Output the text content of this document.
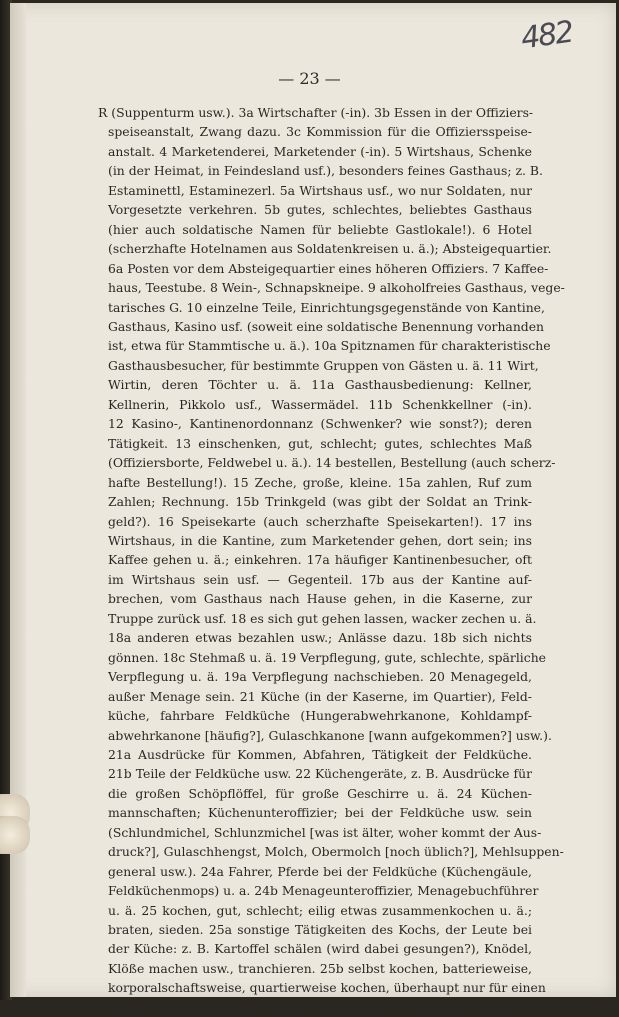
482
— 23 —
R (Suppenturm usw.). 3a Wirtschafter (-in). 3b Essen in der Offiziers-
speiseanstalt, Zwang dazu. 3c Kommission für die Offiziersspeise-
anstalt. 4 Marketenderei, Marketender (-in). 5 Wirtshaus, Schenke
(in der Heimat, in Feindesland usf.), besonders feines Gasthaus; z. B.
Estaminettl, Estaminezerl. 5a Wirtshaus usf., wo nur Soldaten, nur
Vorgesetzte verkehren. 5b gutes, schlechtes, beliebtes Gasthaus
(hier auch soldatische Namen für beliebte Gastlokale!). 6 Hotel
(scherzhafte Hotelnamen aus Soldatenkreisen u. ä.); Absteigequartier.
6a Posten vor dem Absteigequartier eines höheren Offiziers. 7 Kaffee-
haus, Teestube. 8 Wein-, Schnapskneipe. 9 alkoholfreies Gasthaus, vege-
tarisches G. 10 einzelne Teile, Einrichtungsgegenstände von Kantine,
Gasthaus, Kasino usf. (soweit eine soldatische Benennung vorhanden
ist, etwa für Stammtische u. ä.). 10a Spitznamen für charakteristische
Gasthausbesucher, für bestimmte Gruppen von Gästen u. ä. 11 Wirt,
Wirtin, deren Töchter u. ä. 11a Gasthausbedienung: Kellner,
Kellnerin, Pikkolo usf., Wassermädel. 11b Schenkkellner (-in).
12 Kasino-, Kantinenordonnanz (Schwenker? wie sonst?); deren
Tätigkeit. 13 einschenken, gut, schlecht; gutes, schlechtes Maß
(Offiziersborte, Feldwebel u. ä.). 14 bestellen, Bestellung (auch scherz-
hafte Bestellung!). 15 Zeche, große, kleine. 15a zahlen, Ruf zum
Zahlen; Rechnung. 15b Trinkgeld (was gibt der Soldat an Trink-
geld?). 16 Speisekarte (auch scherzhafte Speisekarten!). 17 ins
Wirtshaus, in die Kantine, zum Marketender gehen, dort sein; ins
Kaffee gehen u. ä.; einkehren. 17a häufiger Kantinenbesucher, oft
im Wirtshaus sein usf. — Gegenteil. 17b aus der Kantine auf-
brechen, vom Gasthaus nach Hause gehen, in die Kaserne, zur
Truppe zurück usf. 18 es sich gut gehen lassen, wacker zechen u. ä.
18a anderen etwas bezahlen usw.; Anlässe dazu. 18b sich nichts
gönnen. 18c Stehmaß u. ä. 19 Verpflegung, gute, schlechte, spärliche
Verpflegung u. ä. 19a Verpflegung nachschieben. 20 Menagegeld,
außer Menage sein. 21 Küche (in der Kaserne, im Quartier), Feld-
küche, fahrbare Feldküche (Hungerabwehrkanone, Kohldampf-
abwehrkanone [häufig?], Gulaschkanone [wann aufgekommen?] usw.).
21a Ausdrücke für Kommen, Abfahren, Tätigkeit der Feldküche.
21b Teile der Feldküche usw. 22 Küchengeräte, z. B. Ausdrücke für
die großen Schöpflöffel, für große Geschirre u. ä. 24 Küchen-
mannschaften; Küchenunteroffizier; bei der Feldküche usw. sein
(Schlundmichel, Schlunzmichel [was ist älter, woher kommt der Aus-
druck?], Gulaschhengst, Molch, Obermolch [noch üblich?], Mehlsuppen-
general usw.). 24a Fahrer, Pferde bei der Feldküche (Küchengäule,
Feldküchenmops) u. a. 24b Menageunteroffizier, Menagebuchführer
u. ä. 25 kochen, gut, schlecht; eilig etwas zusammenkochen u. ä.;
braten, sieden. 25a sonstige Tätigkeiten des Kochs, der Leute bei
der Küche: z. B. Kartoffel schälen (wird dabei gesungen?), Knödel,
Klöße machen usw., tranchieren. 25b selbst kochen, batterieweise,
korporalschaftsweise, quartierweise kochen, überhaupt nur für einen
kleinen Kreis Kameraden kochen (Pipenkoch, Gegensatz: Gulasch-
